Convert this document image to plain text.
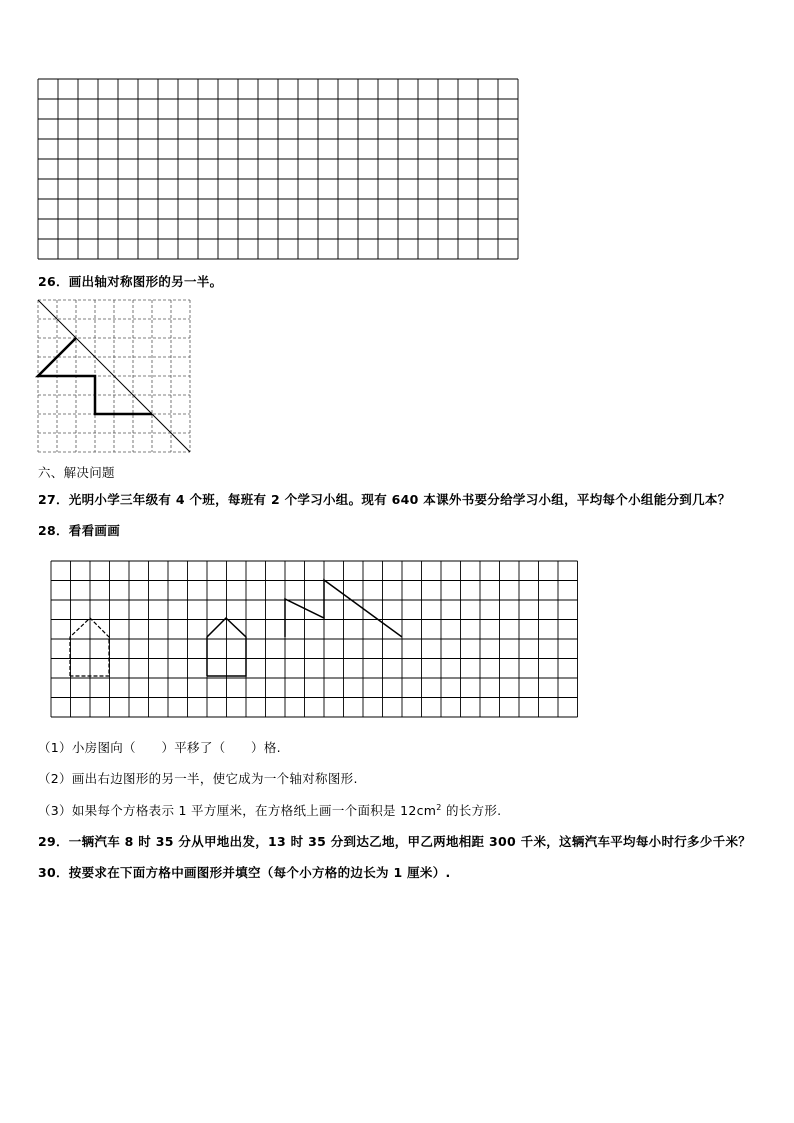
26．画出轴对称图形的另一半。
六、解决问题
27．光明小学三年级有 4 个班，每班有 2 个学习小组。现有 640 本课外书要分给学习小组，平均每个小组能分到几本？
28．看看画画
（1）小房图向（　　）平移了（　　）格.
（2）画出右边图形的另一半，使它成为一个轴对称图形.
（3）如果每个方格表示 1 平方厘米，在方格纸上画一个面积是 $12cm^2$ 的长方形.
29．一辆汽车 8 时 35 分从甲地出发，13 时 35 分到达乙地，甲乙两地相距 300 千米，这辆汽车平均每小时行多少千米？
30．按要求在下面方格中画图形并填空（每个小方格的边长为 1 厘米）.
